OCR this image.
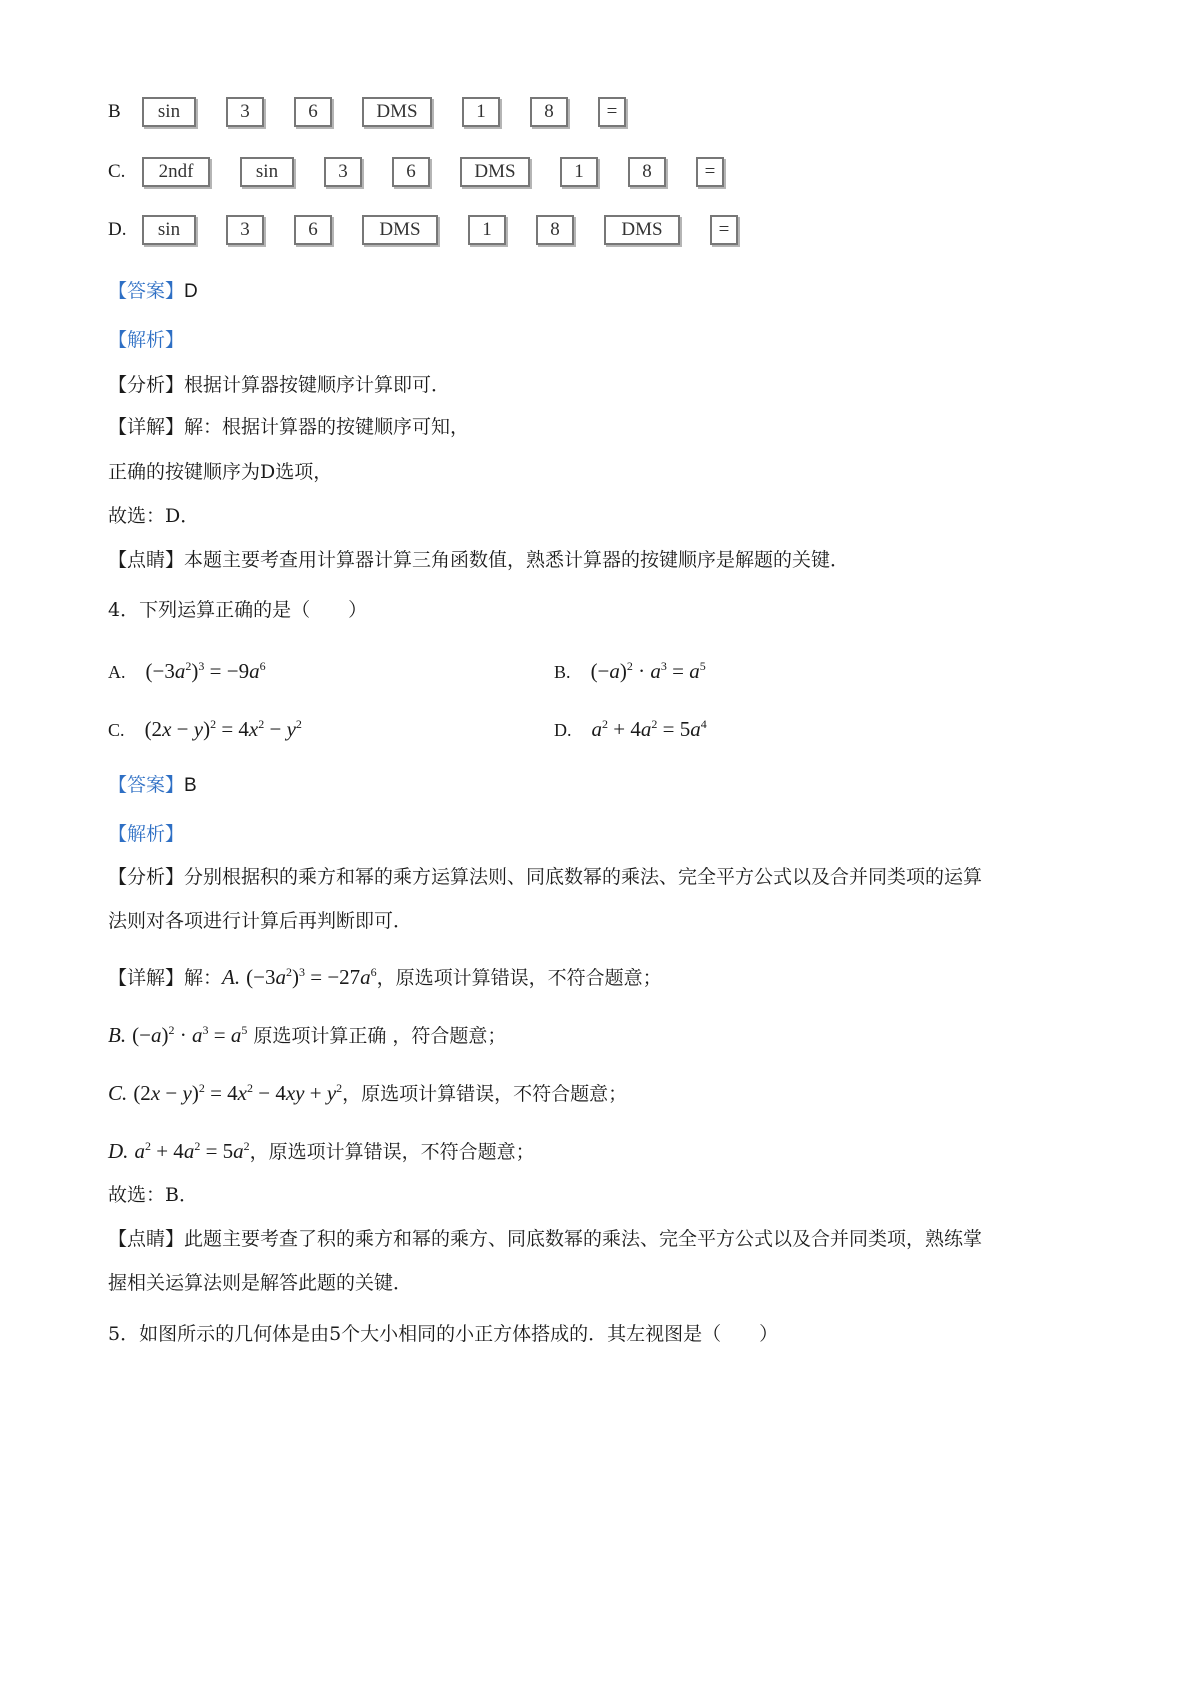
B	sin	3	6	DMS	1	8	=
C.	2ndf	sin	3	6	DMS	1	8	=
D.	sin	3	6	DMS	1	8	DMS	=
【答案】D
【解析】
【分析】根据计算器按键顺序计算即可．
【详解】解：根据计算器的按键顺序可知，
正确的按键顺序为D选项，
故选：D．
【点睛】本题主要考查用计算器计算三角函数值，熟悉计算器的按键顺序是解题的关键．
4．下列运算正确的是（　　）
A. $(-3a^2)^3 = -9a^6$	B. $(-a)^2 \cdot a^3 = a^5$
C. $(2x - y)^2 = 4x^2 - y^2$	D. $a^2 + 4a^2 = 5a^4$
【答案】B
【解析】
【分析】分别根据积的乘方和幂的乘方运算法则、同底数幂的乘法、完全平方公式以及合并同类项的运算
法则对各项进行计算后再判断即可．
【详解】解：A. $(-3a^2)^3 = -27a^6$，原选项计算错误，不符合题意；
B. $(-a)^2 \cdot a^3 = a^5$ 原选项计算正确 ，符合题意；
C. $(2x - y)^2 = 4x^2 - 4xy + y^2$，原选项计算错误，不符合题意；
D. $a^2 + 4a^2 = 5a^2$，原选项计算错误，不符合题意；
故选：B．
【点睛】此题主要考查了积的乘方和幂的乘方、同底数幂的乘法、完全平方公式以及合并同类项，熟练掌
握相关运算法则是解答此题的关键．
5．如图所示的几何体是由5个大小相同的小正方体搭成的．其左视图是（　　）
